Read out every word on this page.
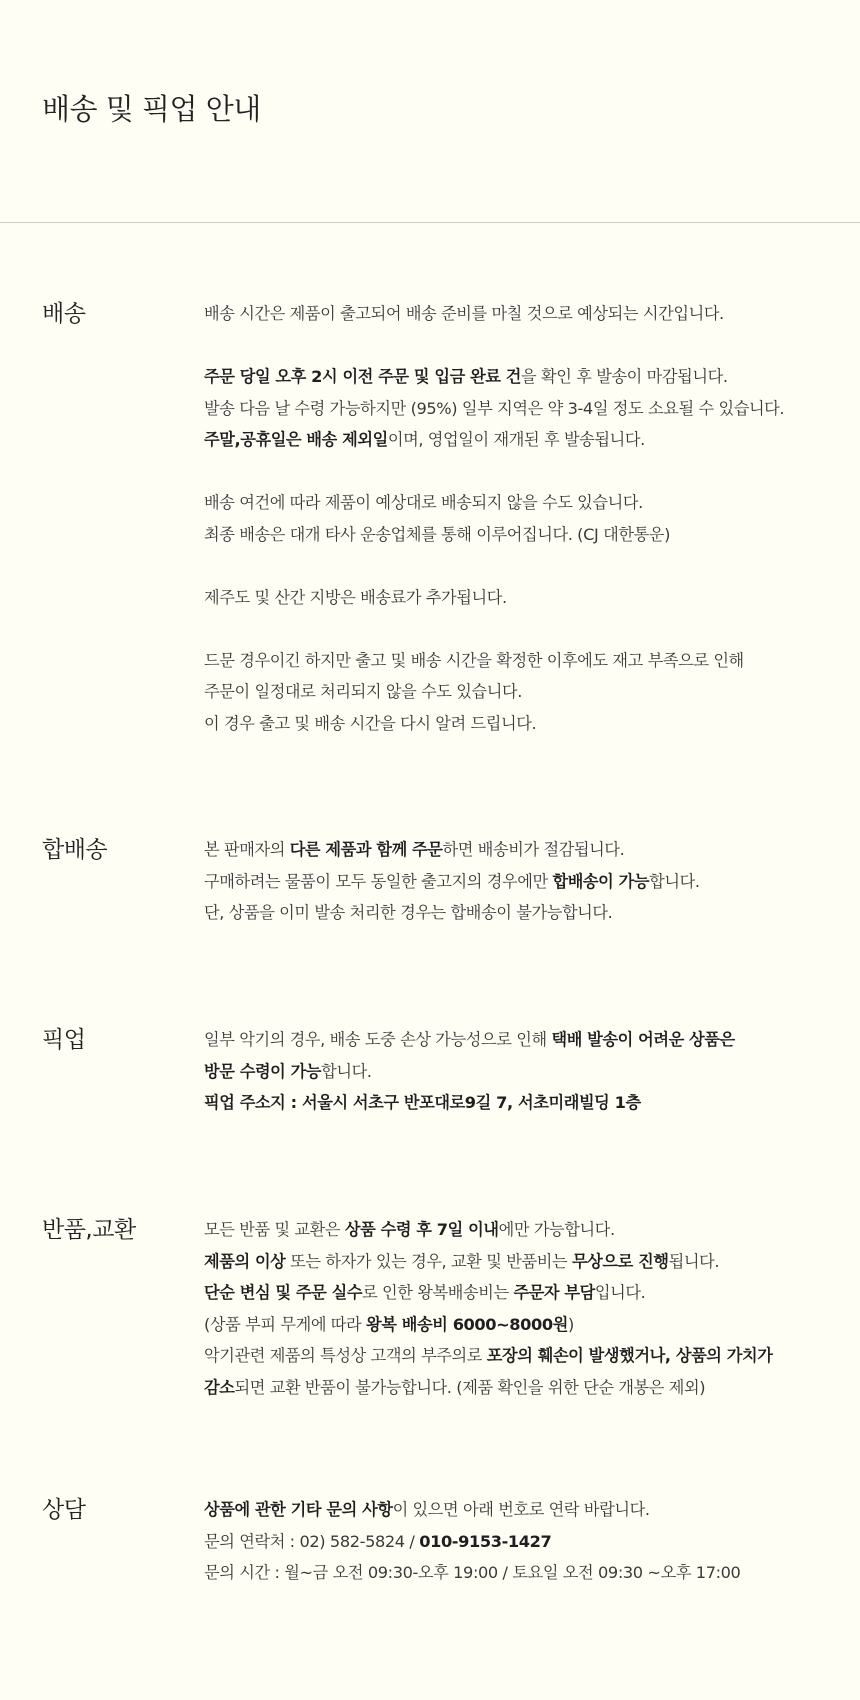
배송 및 픽업 안내
배송	배송 시간은 제품이 출고되어 배송 준비를 마칠 것으로 예상되는 시간입니다.
주문 당일 오후 2시 이전 주문 및 입금 완료 건을 확인 후 발송이 마감됩니다.
발송 다음 날 수령 가능하지만 (95%) 일부 지역은 약 3-4일 정도 소요될 수 있습니다.
주말,공휴일은 배송 제외일이며, 영업일이 재개된 후 발송됩니다.
배송 여건에 따라 제품이 예상대로 배송되지 않을 수도 있습니다.
최종 배송은 대개 타사 운송업체를 통해 이루어집니다. (CJ 대한통운)
제주도 및 산간 지방은 배송료가 추가됩니다.
드문 경우이긴 하지만 출고 및 배송 시간을 확정한 이후에도 재고 부족으로 인해
주문이 일정대로 처리되지 않을 수도 있습니다.
이 경우 출고 및 배송 시간을 다시 알려 드립니다.
합배송	본 판매자의 다른 제품과 함께 주문하면 배송비가 절감됩니다.
구매하려는 물품이 모두 동일한 출고지의 경우에만 합배송이 가능합니다.
단, 상품을 이미 발송 처리한 경우는 합배송이 불가능합니다.
픽업	일부 악기의 경우, 배송 도중 손상 가능성으로 인해 택배 발송이 어려운 상품은
방문 수령이 가능합니다.
픽업 주소지 : 서울시 서초구 반포대로9길 7, 서초미래빌딩 1층
반품,교환	모든 반품 및 교환은 상품 수령 후 7일 이내에만 가능합니다.
제품의 이상 또는 하자가 있는 경우, 교환 및 반품비는 무상으로 진행됩니다.
단순 변심 및 주문 실수로 인한 왕복배송비는 주문자 부담입니다.
(상품 부피 무게에 따라 왕복 배송비 6000~8000원)
악기관련 제품의 특성상 고객의 부주의로 포장의 훼손이 발생했거나, 상품의 가치가
감소되면 교환 반품이 불가능합니다. (제품 확인을 위한 단순 개봉은 제외)
상담	상품에 관한 기타 문의 사항이 있으면 아래 번호로 연락 바랍니다.
문의 연락처 : 02) 582-5824 / 010-9153-1427
문의 시간 : 월~금 오전 09:30-오후 19:00 / 토요일 오전 09:30 ~오후 17:00
